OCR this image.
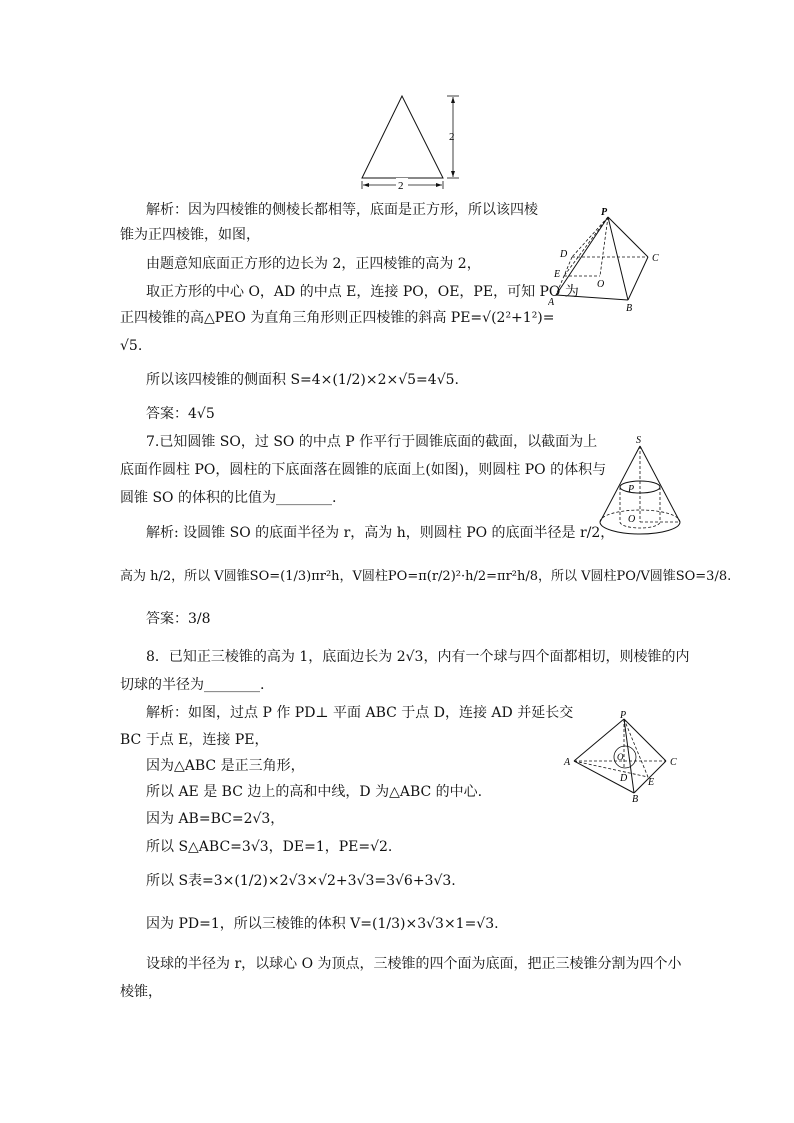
2
2
解析：因为四棱锥的侧棱长都相等，底面是正方形，所以该四棱
锥为正四棱锥，如图，
由题意知底面正方形的边长为 2，正四棱锥的高为 2，
取正方形的中心 O，AD 的中点 E，连接 PO，OE，PE，可知 PO 为
正四棱锥的高△PEO 为直角三角形则正四棱锥的斜高 PE=√(2²+1²)=
√5.
所以该四棱锥的侧面积 S=4×(1/2)×2×√5=4√5.
答案：4√5
P
D	C
E
O
A
B
7.已知圆锥 SO，过 SO 的中点 P 作平行于圆锥底面的截面，以截面为上
底面作圆柱 PO，圆柱的下底面落在圆锥的底面上(如图)，则圆柱 PO 的体积与
圆锥 SO 的体积的比值为________.
解析: 设圆锥 SO 的底面半径为 r，高为 h，则圆柱 PO 的底面半径是 r/2，
高为 h/2，所以 V圆锥SO=(1/3)πr²h，V圆柱PO=π(r/2)²·h/2=πr²h/8，所以 V圆柱PO/V圆锥SO=3/8.
答案：3/8
S
P
O
8．已知正三棱锥的高为 1，底面边长为 2√3，内有一个球与四个面都相切，则棱锥的内
切球的半径为________.
解析：如图，过点 P 作 PD⊥ 平面 ABC 于点 D，连接 AD 并延长交
BC 于点 E，连接 PE，
因为△ABC 是正三角形，
所以 AE 是 BC 边上的高和中线，D 为△ABC 的中心.
因为 AB=BC=2√3，
所以 S△ABC=3√3，DE=1，PE=√2.
所以 S表=3×(1/2)×2√3×√2+3√3=3√6+3√3.
因为 PD=1，所以三棱锥的体积 V=(1/3)×3√3×1=√3.
设球的半径为 r，以球心 O 为顶点，三棱锥的四个面为底面，把正三棱锥分割为四个小
棱锥，
P
O
A	C
D E
B
